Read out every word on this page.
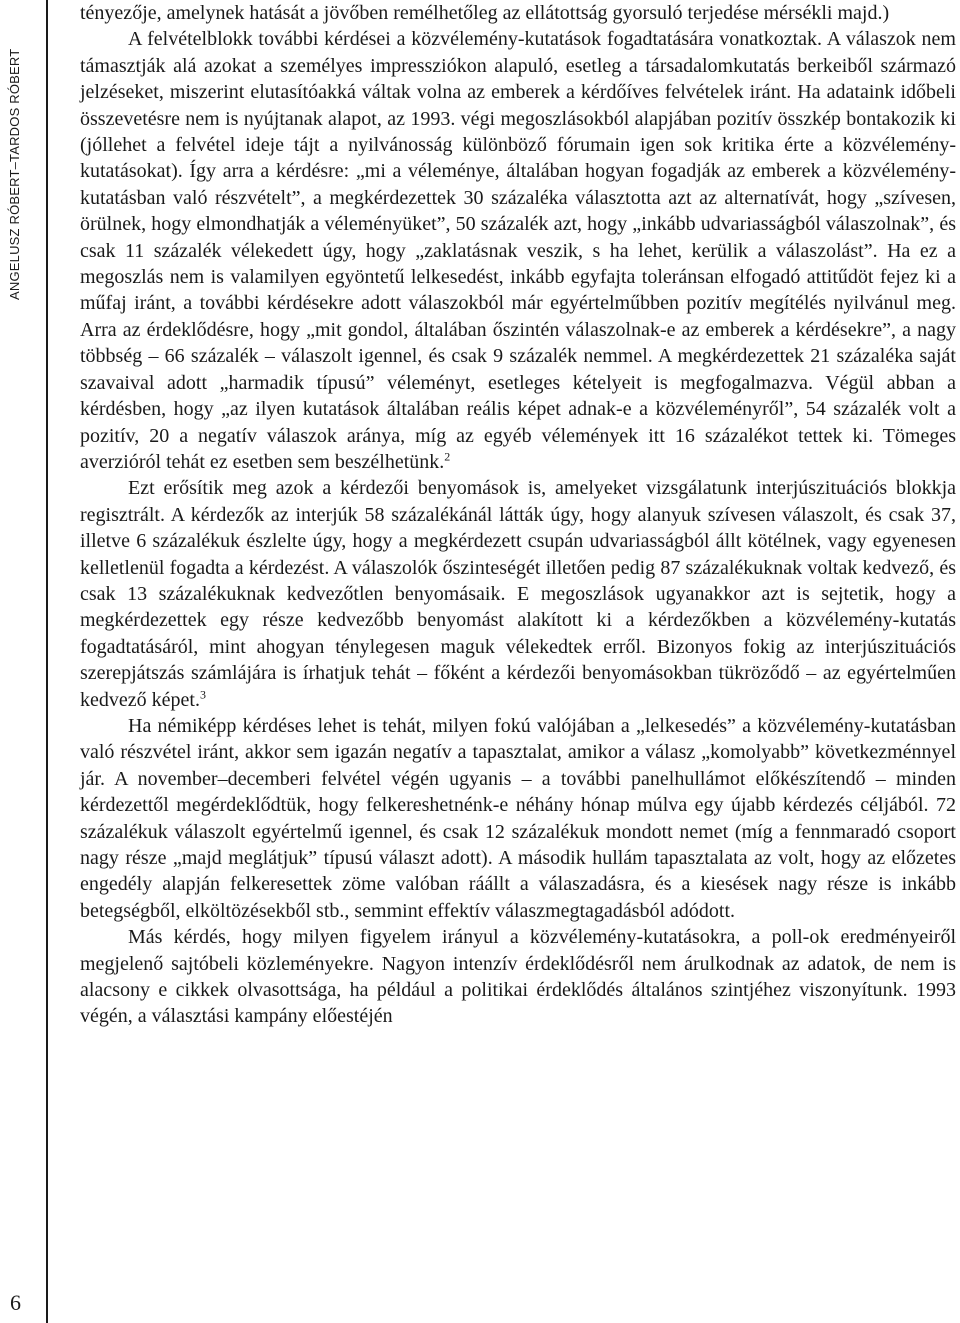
ANGELUSZ RÓBERT–TARDOS RÓBERT
6

tényezője, amelynek hatását a jövőben remélhetőleg az ellátottság gyorsuló terjedése mérsékli majd.)

A felvételblokk további kérdései a közvélemény-kutatások fogadtatására vonatkoztak. A válaszok nem támasztják alá azokat a személyes impressziókon alapuló, esetleg a társadalomkutatás berkeiből származó jelzéseket, miszerint elutasítóakká váltak volna az emberek a kérdőíves felvételek iránt. Ha adataink időbeli összevetésre nem is nyújtanak alapot, az 1993. végi megoszlásokból alapjában pozitív összkép bontakozik ki (jóllehet a felvétel ideje tájt a nyilvánosság különböző fórumain igen sok kritika érte a közvélemény-kutatásokat). Így arra a kérdésre: „mi a véleménye, általában hogyan fogadják az emberek a közvélemény-kutatásban való részvételt”, a megkérdezettek 30 százaléka választotta azt az alternatívát, hogy „szívesen, örülnek, hogy elmondhatják a véleményüket”, 50 százalék azt, hogy „inkább udvariasságból válaszolnak”, és csak 11 százalék vélekedett úgy, hogy „zaklatásnak veszik, s ha lehet, kerülik a válaszolást”. Ha ez a megoszlás nem is valamilyen egyöntetű lelkesedést, inkább egyfajta toleránsan elfogadó attitűdöt fejez ki a műfaj iránt, a további kérdésekre adott válaszokból már egyértelműbben pozitív megítélés nyilvánul meg. Arra az érdeklődésre, hogy „mit gondol, általában őszintén válaszolnak-e az emberek a kérdésekre”, a nagy többség – 66 százalék – válaszolt igennel, és csak 9 százalék nemmel. A megkérdezettek 21 százaléka saját szavaival adott „harmadik típusú” véleményt, esetleges kételyeit is megfogalmazva. Végül abban a kérdésben, hogy „az ilyen kutatások általában reális képet adnak-e a közvéleményről”, 54 százalék volt a pozitív, 20 a negatív válaszok aránya, míg az egyéb vélemények itt 16 százalékot tettek ki. Tömeges averzióról tehát ez esetben sem beszélhetünk.$^2$

Ezt erősítik meg azok a kérdezői benyomások is, amelyeket vizsgálatunk interjúszituációs blokkja regisztrált. A kérdezők az interjúk 58 százalékánál látták úgy, hogy alanyuk szívesen válaszolt, és csak 37, illetve 6 százalékuk észlelte úgy, hogy a megkérdezett csupán udvariasságból állt kötélnek, vagy egyenesen kelletlenül fogadta a kérdezést. A válaszolók őszinteségét illetően pedig 87 százalékuknak voltak kedvező, és csak 13 százalékuknak kedvezőtlen benyomásaik. E megoszlások ugyanakkor azt is sejtetik, hogy a megkérdezettek egy része kedvezőbb benyomást alakított ki a kérdezőkben a közvélemény-kutatás fogadtatásáról, mint ahogyan ténylegesen maguk vélekedtek erről. Bizonyos fokig az interjúszituációs szerepjátszás számlájára is írhatjuk tehát – főként a kérdezői benyomásokban tükröződő – az egyértelműen kedvező képet.$^3$

Ha némiképp kérdéses lehet is tehát, milyen fokú valójában a „lelkesedés” a közvélemény-kutatásban való részvétel iránt, akkor sem igazán negatív a tapasztalat, amikor a válasz „komolyabb” következménnyel jár. A november–decemberi felvétel végén ugyanis – a további panelhullámot előkészítendő – minden kérdezettől megérdeklődtük, hogy felkereshetnénk-e néhány hónap múlva egy újabb kérdezés céljából. 72 százalékuk válaszolt egyértelmű igennel, és csak 12 százalékuk mondott nemet (míg a fennmaradó csoport nagy része „majd meglátjuk” típusú választ adott). A második hullám tapasztalata az volt, hogy az előzetes engedély alapján felkeresettek zöme valóban ráállt a válaszadásra, és a kiesések nagy része is inkább betegségből, elköltözésekből stb., semmint effektív válaszmegtagadásból adódott.

Más kérdés, hogy milyen figyelem irányul a közvélemény-kutatásokra, a poll-ok eredményeiről megjelenő sajtóbeli közleményekre. Nagyon intenzív érdeklődésről nem árulkodnak az adatok, de nem is alacsony e cikkek olvasottsága, ha például a politikai érdeklődés általános szintjéhez viszonyítunk. 1993 végén, a választási kampány előestéjén
